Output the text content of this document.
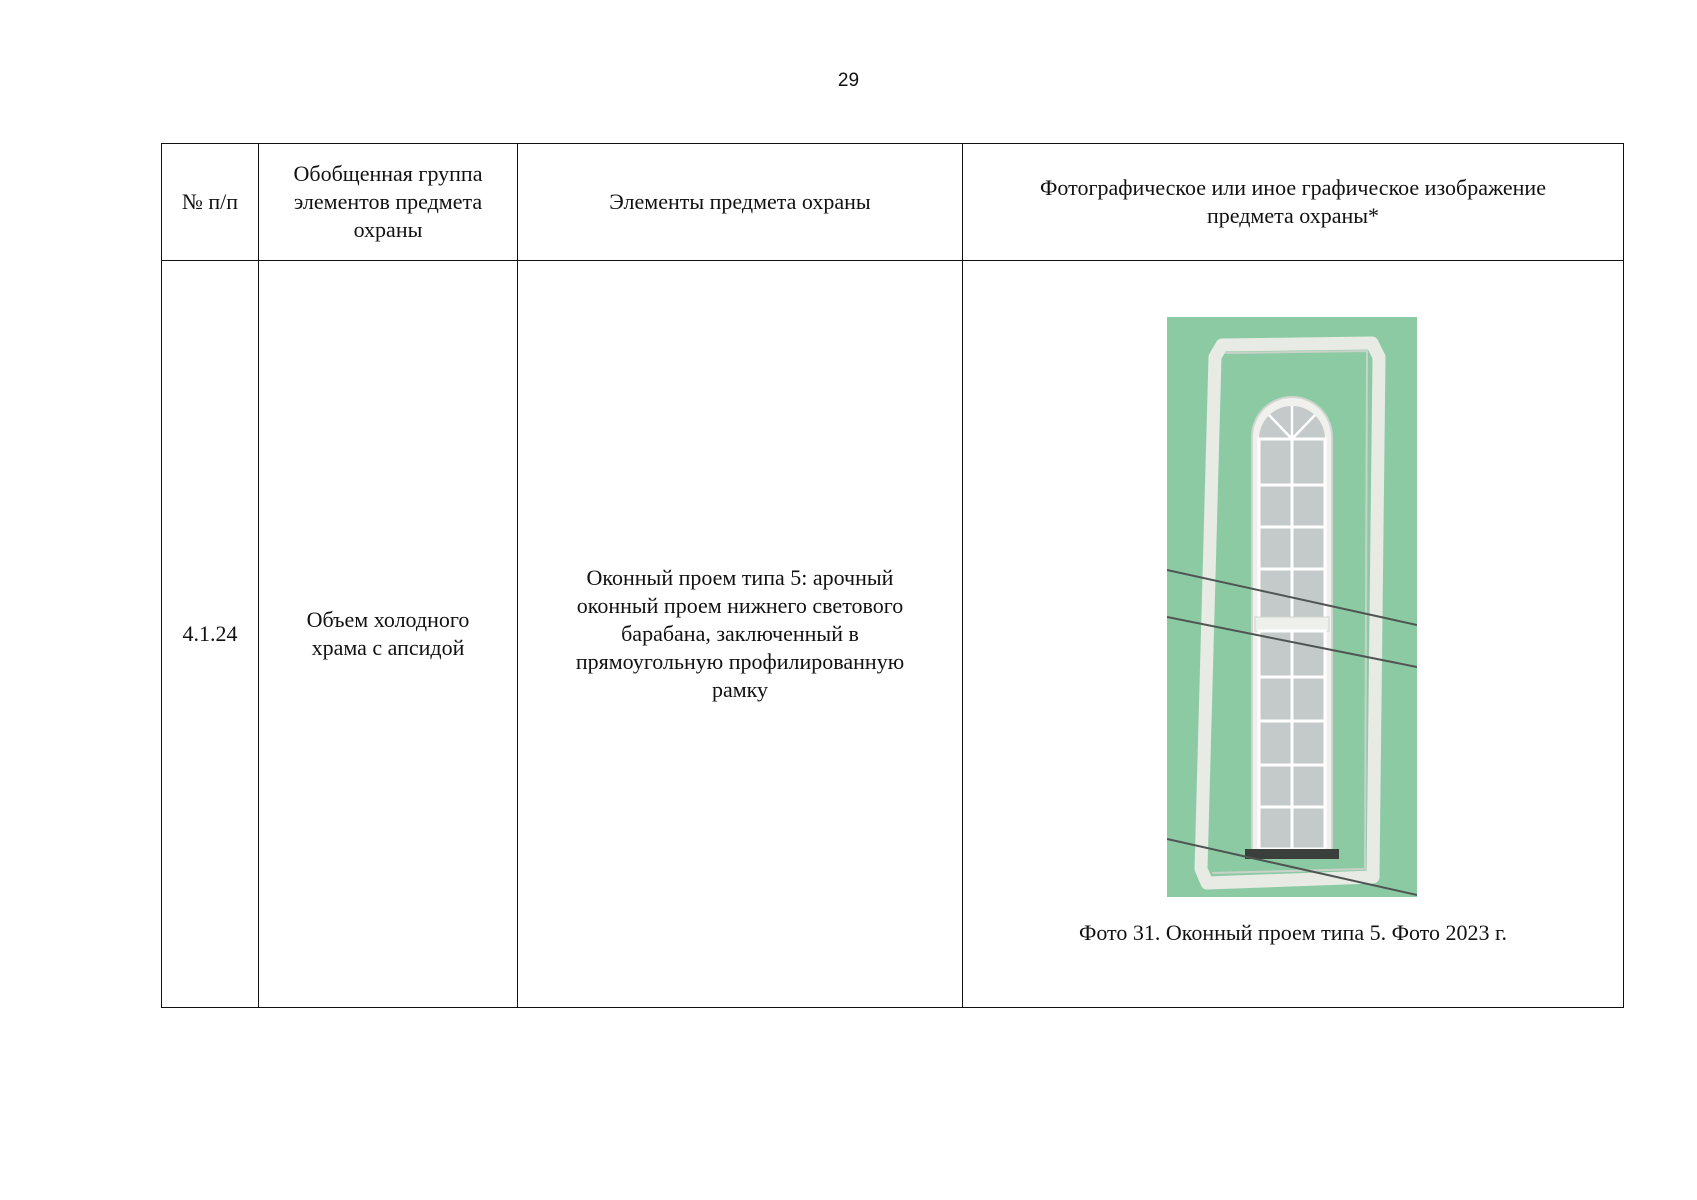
29
№ п/п	Обобщенная группа элементов предмета охраны	Элементы предмета охраны	Фотографическое или иное графическое изображение предмета охраны*
4.1.24	Объем холодного храма с апсидой	Оконный проем типа 5: арочный оконный проем нижнего светового барабана, заключенный в прямоугольную профилированную рамку	Фото 31. Оконный проем типа 5. Фото 2023 г.
